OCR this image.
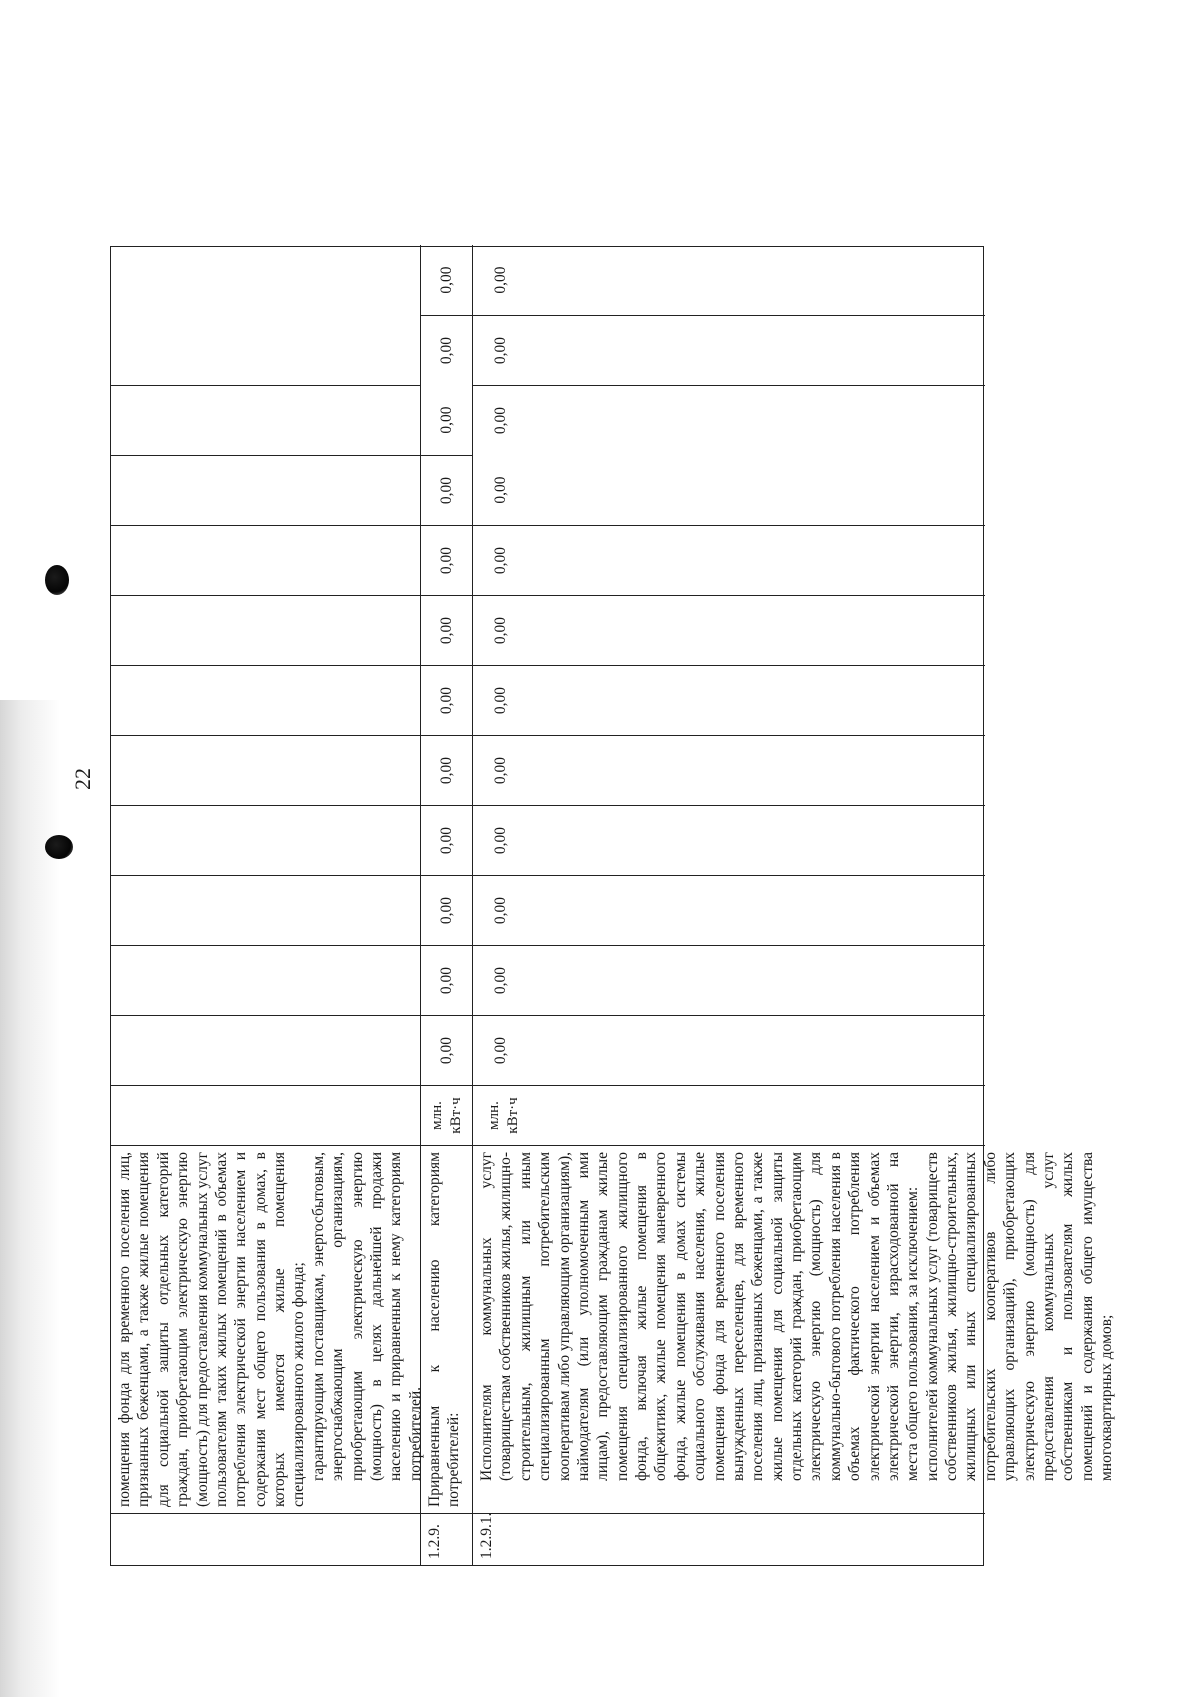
22
помещения фонда для временного поселения лиц, признанных беженцами, а также жилые помещения для социальной защиты отдельных категорий граждан, приобретающим электрическую энергию (мощность) для предоставления коммунальных услуг пользователям таких жилых помещений в объемах потребления электрической энергии населением и содержания мест общего пользования в домах, в которых имеются жилые помещения специализированного жилого фонда; гарантирующим поставщикам, энергосбытовым, энергоснабжающим организациям, приобретающим электрическую энергию (мощность) в целях дальнейшей продажи населению и приравненным к нему категориям потребителей.
1.2.9.
Приравненным к населению категориям потребителей:
млн. кВт·ч
0,00
0,00
0,00
0,00
0,00
0,00
0,00
0,00
0,00
0,00
0,00
0,00
1.2.9.1.
Исполнителям коммунальных услуг (товариществам собственников жилья, жилищно-строительным, жилищным или иным специализированным потребительским кооперативам либо управляющим организациям), наймодателям (или уполномоченным ими лицам), предоставляющим гражданам жилые помещения специализированного жилищного фонда, включая жилые помещения в общежитиях, жилые помещения маневренного фонда, жилые помещения в домах системы социального обслуживания населения, жилые помещения фонда для временного поселения вынужденных переселенцев, для временного поселения лиц, признанных беженцами, а также жилые помещения для социальной защиты отдельных категорий граждан, приобретающим электрическую энергию (мощность) для коммунально-бытового потребления населения в объемах фактического потребления электрической энергии населением и объемах электрической энергии, израсходованной на места общего пользования, за исключением: исполнителей коммунальных услуг (товариществ собственников жилья, жилищно-строительных, жилищных или иных специализированных потребительских кооперативов либо управляющих организаций), приобретающих электрическую энергию (мощность) для предоставления коммунальных услуг собственникам и пользователям жилых помещений и содержания общего имущества многоквартирных домов;
млн. кВт·ч
0,00
0,00
0,00
0,00
0,00
0,00
0,00
0,00
0,00
0,00
0,00
0,00
